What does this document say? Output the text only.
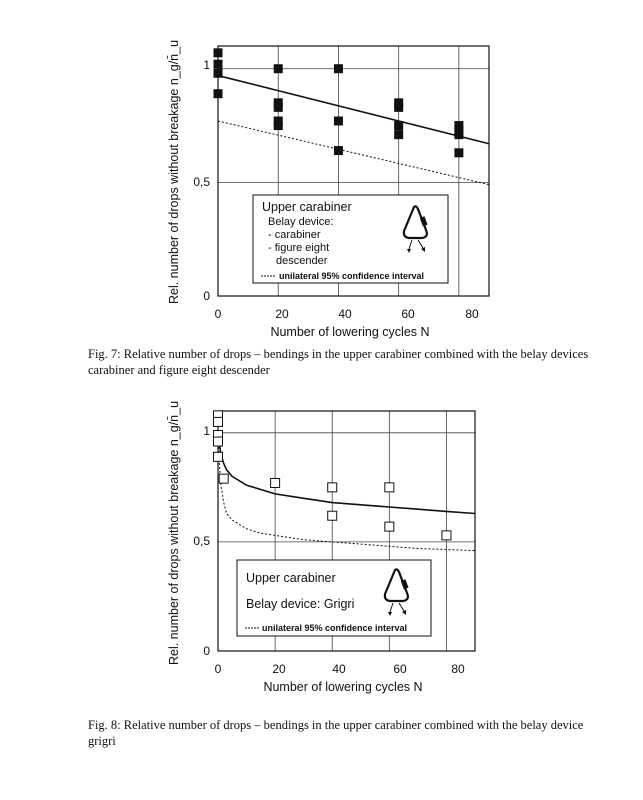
0
0,5
1
0	20	40	60	80
Number of lowering cycles N
Rel. number of drops without breakage n_g/n̄_u	Upper carabiner
Belay device:
- carabiner
- figure eight
descender
unilateral 95% confidence interval
Fig. 7: Relative number of drops – bendings in the upper carabiner combined with the belay devices carabiner and figure eight descender
0
0,5
1
0	20	40	60	80
Number of lowering cycles N
Rel. number of drops without breakage n_g/n̄_u	Upper carabiner
Belay device: Grigri
unilateral 95% confidence interval
Fig. 8: Relative number of drops – bendings in the upper carabiner combined with the belay device grigri
